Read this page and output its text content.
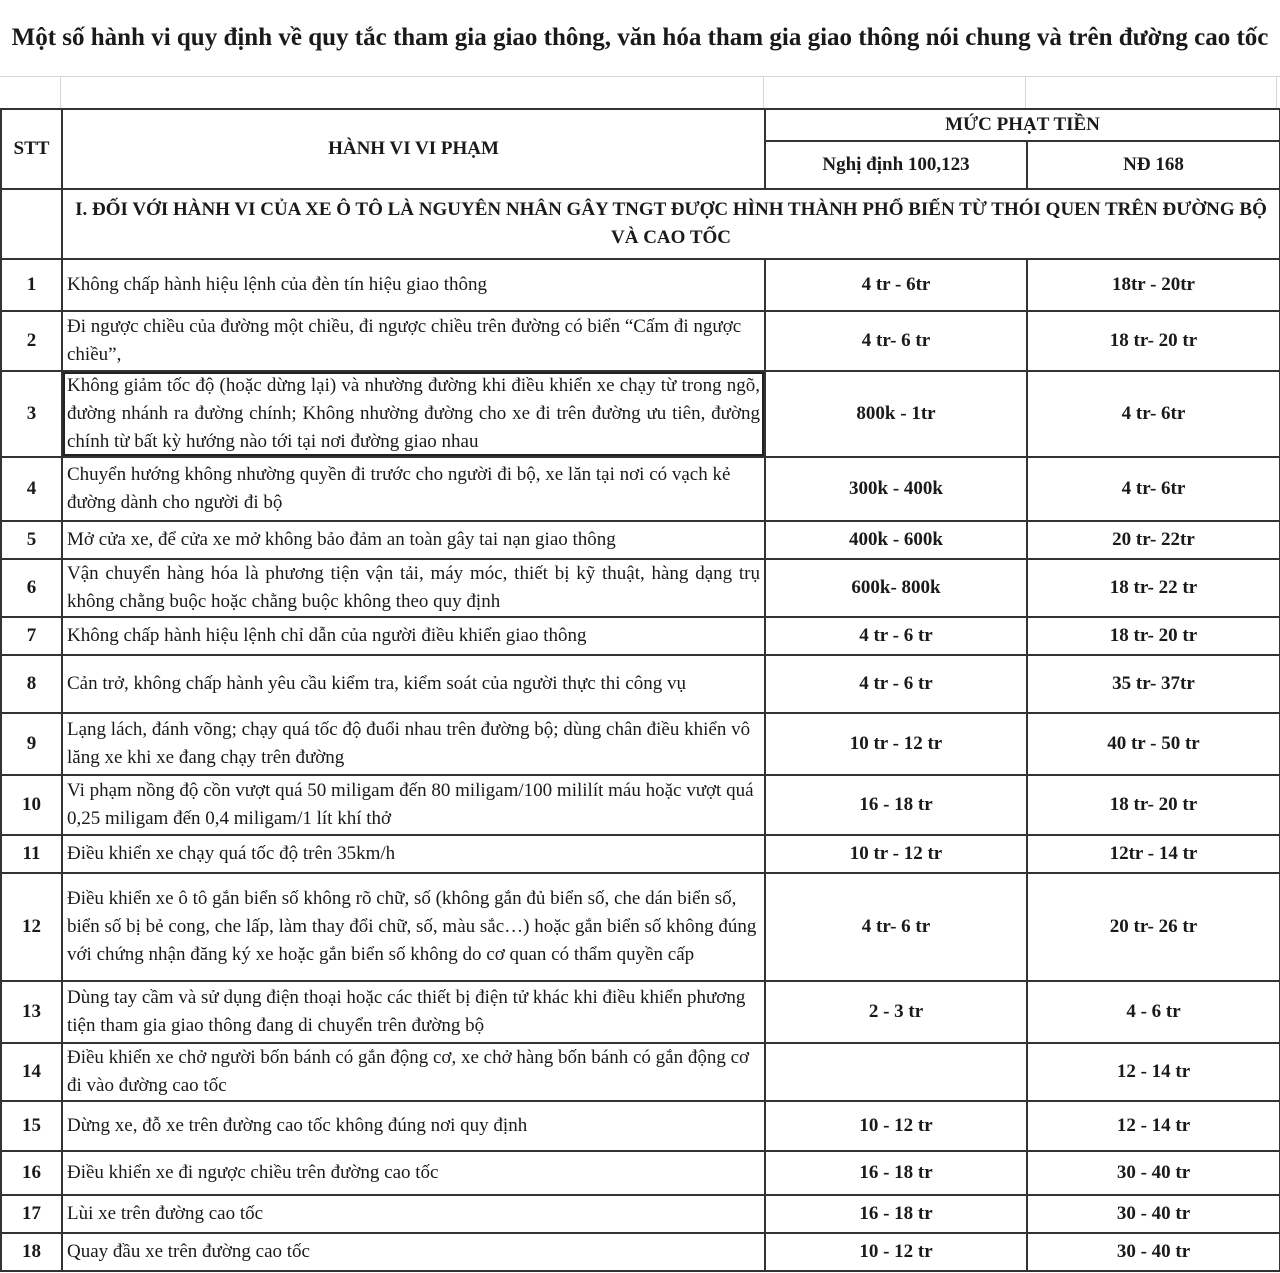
Một số hành vi quy định về quy tắc tham gia giao thông, văn hóa tham gia giao thông nói chung và trên đường cao tốc
STT	HÀNH VI VI PHẠM	MỨC PHẠT TIỀN	
		Nghị định 100,123	NĐ 168
	I. ĐỐI VỚI HÀNH VI CỦA XE Ô TÔ LÀ NGUYÊN NHÂN GÂY TNGT ĐƯỢC HÌNH THÀNH PHỔ BIẾN TỪ THÓI QUEN TRÊN ĐƯỜNG BỘ VÀ CAO TỐC		
1	Không chấp hành hiệu lệnh của đèn tín hiệu giao thông	4 tr - 6tr	18tr - 20tr
2	Đi ngược chiều của đường một chiều, đi ngược chiều trên đường có biển “Cấm đi ngược chiều”,	4 tr- 6 tr	18 tr- 20 tr
3	Không giảm tốc độ (hoặc dừng lại) và nhường đường khi điều khiển xe chạy từ trong ngõ, đường nhánh ra đường chính; Không nhường đường cho xe đi trên đường ưu tiên, đường chính từ bất kỳ hướng nào tới tại nơi đường giao nhau	800k - 1tr	4 tr- 6tr
4	Chuyển hướng không nhường quyền đi trước cho người đi bộ, xe lăn tại nơi có vạch kẻ đường dành cho người đi bộ	300k - 400k	4 tr- 6tr
5	Mở cửa xe, để cửa xe mở không bảo đảm an toàn gây tai nạn giao thông	400k - 600k	20 tr- 22tr
6	Vận chuyển hàng hóa là phương tiện vận tải, máy móc, thiết bị kỹ thuật, hàng dạng trụ không chằng buộc hoặc chằng buộc không theo quy định	600k- 800k	18 tr- 22 tr
7	Không chấp hành hiệu lệnh chỉ dẫn của người điều khiển giao thông	4 tr - 6 tr	18 tr- 20 tr
8	Cản trở, không chấp hành yêu cầu kiểm tra, kiểm soát của người thực thi công vụ	4 tr - 6 tr	35 tr- 37tr
9	Lạng lách, đánh võng; chạy quá tốc độ đuổi nhau trên đường bộ; dùng chân điều khiển vô lăng xe khi xe đang chạy trên đường	10 tr - 12 tr	40 tr - 50 tr
10	Vi phạm nồng độ cồn vượt quá 50 miligam đến 80 miligam/100 mililít máu hoặc vượt quá 0,25 miligam đến 0,4 miligam/1 lít khí thở	16 - 18 tr	18 tr- 20 tr
11	Điều khiển xe chạy quá tốc độ trên 35km/h	10 tr - 12 tr	12tr - 14 tr
12	Điều khiển xe ô tô gắn biển số không rõ chữ, số (không gắn đủ biển số, che dán biển số, biển số bị bẻ cong, che lấp, làm thay đổi chữ, số, màu sắc…) hoặc gắn biển số không đúng với chứng nhận đăng ký xe hoặc gắn biển số không do cơ quan có thẩm quyền cấp	4 tr- 6 tr	20 tr- 26 tr
13	Dùng tay cầm và sử dụng điện thoại hoặc các thiết bị điện tử khác khi điều khiển phương tiện tham gia giao thông đang di chuyển trên đường bộ	2 - 3 tr	4 - 6 tr
14	Điều khiển xe chở người bốn bánh có gắn động cơ, xe chở hàng bốn bánh có gắn động cơ đi vào đường cao tốc		12 - 14 tr
15	Dừng xe, đỗ xe trên đường cao tốc không đúng nơi quy định	10 - 12 tr	12 - 14 tr
16	Điều khiển xe đi ngược chiều trên đường cao tốc	16 - 18 tr	30 - 40 tr
17	Lùi xe trên đường cao tốc	16 - 18 tr	30 - 40 tr
18	Quay đầu xe trên đường cao tốc	10 - 12 tr	30 - 40 tr
